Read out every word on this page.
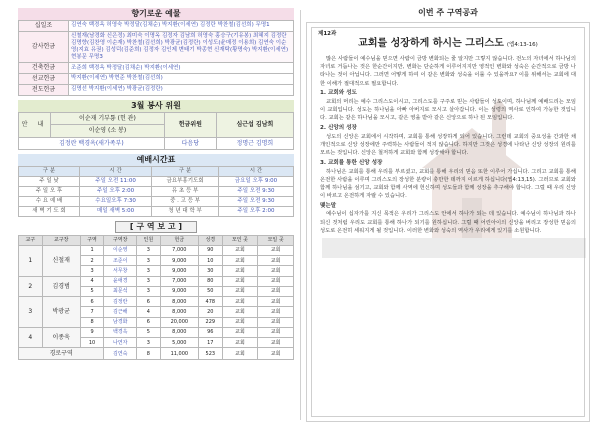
향기로운 예물
십일조	김연숙 백경옥 허영숙 박정달(김채순) 박지환(이세연) 김정란 박찬철(김선희) 무명1
감사헌금	신철재(남경화 신은정) 최미숙 이명옥 김정자 김남희 허영숙 홍승구(기유봉) 최혜지 김정란 김명향(김찬영 이순재) 박찬철(김선희) 박광균(김정란) 이성도(윤매정 이용희) 김연숙 이순영(지효 유권) 김성덕(김준희) 김정자 김인제 변태기 박종현 신재탁(황명숙) 박지환(이세연) 현봉문 무명3
건축헌금	조준희 백경옥 박정달(김채순) 박지환(이세연)
선교헌금	박지환(이세연) 박현준 박찬철(김선희)
전도헌금	김명선 박지환(이세연) 박광균(김정란)
3월 봉사 위원
안 내	이순재 기부툥 (헌 관)	헌금위원	심근섭 김남희
	이순영 (소 봉)		
김정란 백경옥(새가족부)		다음당	정명근 김명희
예배시간표
구 분	시 간	구 분	시 간
주 일 낮	주일 오전 11:00	금요부흥기도회	금요일 오후 9:00
주 일 오 후	주일 오후 2:00	유 초 등 부	주일 오전 9:30
수 요 예 배	수요일오후 7:30	중 . 고 등 부	주일 오전 9:30
새 벽 기 도 회	매일 새벽 5:00	청 년 대 학 부	주일 오후 2:00
[ 구 역 보 고 ]
교구	교구장	구역	구역장	인원	헌금	성경	모인 곳	모일 곳
1	신철재	1	이순영	3	7,000	90	교회	교회
		2	조준이	3	9,000	10	교회	교회
		3	서무창	3	9,000	30	교회	교회
2	김경범	4	윤애경	3	7,000	80	교회	교회
		5	최문석	3	9,000	50	교회	교회
3	박광균	6	김정란	6	8,000	478	교회	교회
		7	김근해	4	8,000	20	교회	교회
		8	남경화	6	20,000	229	교회	교회
4	이종욱	9	백경옥	5	8,000	96	교회	교회
		10	나연자	3	5,000	17	교회	교회
경로구역			김연숙	8	11,000	523	교회	교회
이번 주 구역공과
제12과
교회를 성장하게 하시는 그리스도 (엡4:13-16)

많은 사람들이 예수님을 믿으면 사람이 금방 변화되는 줄 알지만 그렇지 않습니다. 전노의 자녀에서 하나님의 자녀로 거듭나는 것은 한순간이지만, 변화는 단순하게 이루어지지만 영적인 변화와 성숙은 순간적으로 금방 나타나는 것이 아닙니다. 그러면 어떻게 하여 이 같은 변화와 성숙을 이룰 수 있을까요? 이를 위해서는 교회에 대한 이해가 절대적으로 필요합니다.

1. 교회와 성도

교회의 머리는 예수 그리스도이시고, 그리스도를 구주로 믿는 사람들이 성도이며, 하나님께 예배드리는 모임이 교회입니다. 성도는 하나님을 아빠 아버지로 모시고 살아갑니다. 이는 성령의 역사로 인하여 가능한 것입니다. 교회는 같은 하나님을 모시고, 같은 영을 받아 같은 신앙으로 하나 된 모임입니다.

2. 신앙의 성장

성도의 신앙은 교회에서 시작하며, 교회를 통해 성장하게 되어 있습니다. 그런데 교회의 중요성을 간과한 채 개인적으로 신앙 성장에만 주력하는 사람들이 적지 않습니다. 하지만 그것은 성경에 나타난 신앙 성장의 원리를 모르는 것입니다. 신앙은 철저하게 교회와 함께 성장해야 합니다.

3. 교회를 통한 신앙 성장

하나님은 교회를 통해 우리를 부르셨고, 교회를 통해 우리의 믿음 또한 이루어 가십니다. 그리고 교회를 통해 온전한 사람을 이루며 그리스도의 장성한 분량이 충만한 데까지 이르게 하십니다(엡4:13,15). 그러므로 교회와 함께 하나님을 섬기고, 교회와 함께 사역에 헌신하며 성도들과 함께 성장을 추구해야 합니다. 그럴 때 우리 신앙이 바르고 온전하게 자랄 수 있습니다.

맺는말

예수님이 십자가를 지신 목적은 우리가 그리스도 안에서 하나가 되는 데 있습니다. 예수님이 하나님과 하나 되신 것처럼 우리도 교회를 통해 하나가 되기를 원하십니다. 그럴 때 어린아이의 신앙을 버리고 장성한 믿음의 성도로 온전히 세워지게 될 것입니다. 이러한 변화와 성숙의 역사가 우리에게 있기를 소원합니다.
